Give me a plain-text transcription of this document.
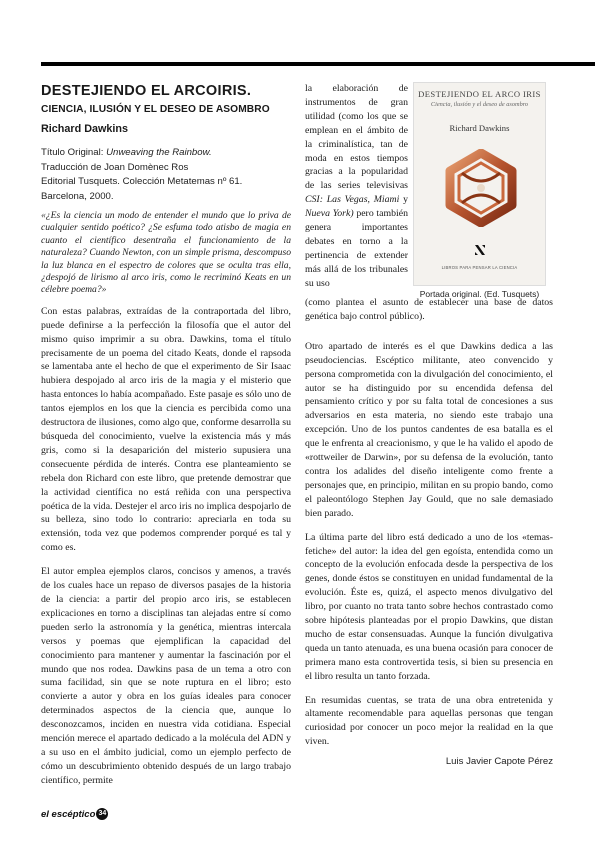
DESTEJIENDO EL ARCOIRIS.
CIENCIA, ILUSIÓN Y EL DESEO DE ASOMBRO
Richard Dawkins
Título Original: Unweaving the Rainbow.
Traducción de Joan Domènec Ros
Editorial Tusquets. Colección Metatemas nº 61.
Barcelona, 2000.
«¿Es la ciencia un modo de entender el mundo que lo priva de cualquier sentido poético? ¿Se esfuma todo atisbo de magia en cuanto el científico desentraña el funcionamiento de la naturaleza? Cuando Newton, con un simple prisma, descompuso la luz blanca en el espectro de colores que se oculta tras ella, ¿despojó de lirismo al arco iris, como le recriminó Keats en un célebre poema?»

Con estas palabras, extraídas de la contraportada del libro, puede definirse a la perfección la filosofía que el autor del mismo quiso imprimir a su obra. Dawkins, toma el título precisamente de un poema del citado Keats, donde el rapsoda se lamentaba ante el hecho de que el experimento de Sir Isaac hubiera despojado al arco iris de la magia y el misterio que hasta entonces lo había acompañado. Este pasaje es sólo uno de tantos ejemplos en los que la ciencia es percibida como una destructora de ilusiones, como algo que, conforme desarrolla su búsqueda del conocimiento, vuelve la existencia más y más gris, como si la desaparición del misterio supusiera una consecuente pérdida de interés. Contra ese planteamiento se rebela don Richard con este libro, que pretende demostrar que la actividad científica no está reñida con una perspectiva poética de la vida. Destejer el arco iris no implica despojarlo de su belleza, sino todo lo contrario: apreciarla en toda su extensión, toda vez que podemos comprender porqué es tal y como es.

El autor emplea ejemplos claros, concisos y amenos, a través de los cuales hace un repaso de diversos pasajes de la historia de la ciencia: a partir del propio arco iris, se establecen explicaciones en torno a disciplinas tan alejadas entre sí como pueden serlo la astronomía y la genética, mientras intercala versos y poemas que ejemplifican la capacidad del conocimiento para mantener y aumentar la fascinación por el mundo que nos rodea. Dawkins pasa de un tema a otro con suma facilidad, sin que se note ruptura en el libro; esto convierte a autor y obra en los guías ideales para conocer determinados aspectos de la ciencia que, aunque lo desconozcamos, inciden en nuestra vida cotidiana. Especial mención merece el apartado dedicado a la molécula del ADN y a su uso en el ámbito judicial, como un ejemplo perfecto de cómo un descubrimiento obtenido después de un largo trabajo científico, permite

la elaboración de instrumentos de gran utilidad (como los que se emplean en el ámbito de la criminalística, tan de moda en estos tiempos gracias a la popularidad de las series televisivas CSI: Las Vegas, Miami y Nueva York) pero también genera importantes debates en torno a la pertinencia de extender más allá de los tribunales su uso

DESTEJIENDO EL ARCO IRIS
Ciencia, ilusión y el deseo de asombro
Richard Dawkins
LIBROS PARA PENSAR LA CIENCIA
Portada original. (Ed. Tusquets)

(como plantea el asunto de establecer una base de datos genética bajo control público).

Otro apartado de interés es el que Dawkins dedica a las pseudociencias. Escéptico militante, ateo convencido y persona comprometida con la divulgación del conocimiento, el autor se ha distinguido por su encendida defensa del pensamiento crítico y por su falta total de concesiones a sus adversarios en esta materia, no siendo este trabajo una excepción. Uno de los puntos candentes de esa batalla es el que le enfrenta al creacionismo, y que le ha valido el apodo de «rottweiler de Darwin», por su defensa de la evolución, tanto contra los adalides del diseño inteligente como frente a personajes que, en principio, militan en su propio bando, como el paleontólogo Stephen Jay Gould, que no sale demasiado bien parado.

La última parte del libro está dedicado a uno de los «temas-fetiche» del autor: la idea del gen egoísta, entendida como un concepto de la evolución enfocada desde la perspectiva de los genes, donde éstos se constituyen en unidad fundamental de la evolución. Éste es, quizá, el aspecto menos divulgativo del libro, por cuanto no trata tanto sobre hechos contrastado como sobre hipótesis planteadas por el propio Dawkins, que distan mucho de estar consensuadas. Aunque la función divulgativa queda un tanto atenuada, es una buena ocasión para conocer de primera mano esta controvertida tesis, si bien su presencia en el libro resulta un tanto forzada.

En resumidas cuentas, se trata de una obra entretenida y altamente recomendable para aquellas personas que tengan curiosidad por conocer un poco mejor la realidad en la que viven.

Luis Javier Capote Pérez
el escéptico 34
